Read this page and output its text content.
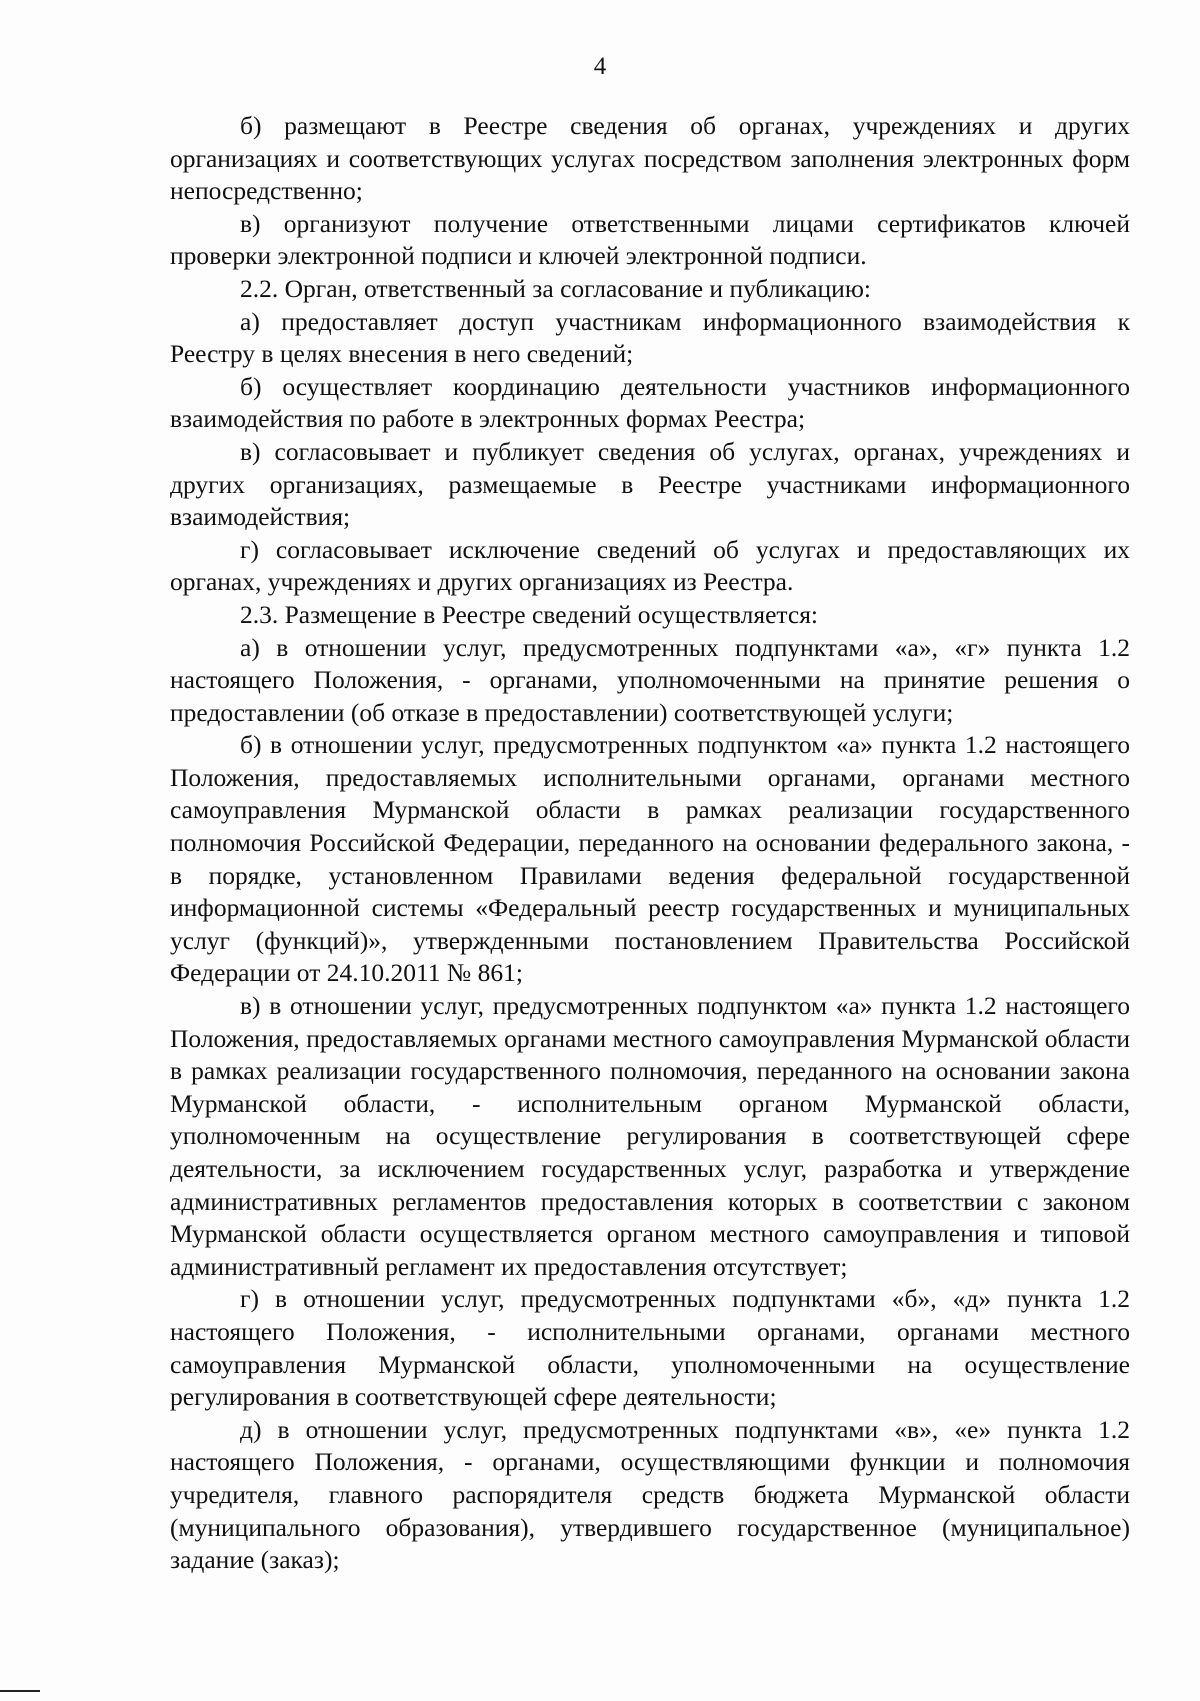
4

б) размещают в Реестре сведения об органах, учреждениях и других организациях и соответствующих услугах посредством заполнения электронных форм непосредственно;

в) организуют получение ответственными лицами сертификатов ключей проверки электронной подписи и ключей электронной подписи.

2.2. Орган, ответственный за согласование и публикацию:

а) предоставляет доступ участникам информационного взаимодействия к Реестру в целях внесения в него сведений;

б) осуществляет координацию деятельности участников информационного взаимодействия по работе в электронных формах Реестра;

в) согласовывает и публикует сведения об услугах, органах, учреждениях и других организациях, размещаемые в Реестре участниками информационного взаимодействия;

г) согласовывает исключение сведений об услугах и предоставляющих их органах, учреждениях и других организациях из Реестра.

2.3. Размещение в Реестре сведений осуществляется:

а) в отношении услуг, предусмотренных подпунктами «а», «г» пункта 1.2 настоящего Положения, - органами, уполномоченными на принятие решения о предоставлении (об отказе в предоставлении) соответствующей услуги;

б) в отношении услуг, предусмотренных подпунктом «а» пункта 1.2 настоящего Положения, предоставляемых исполнительными органами, органами местного самоуправления Мурманской области в рамках реализации государственного полномочия Российской Федерации, переданного на основании федерального закона, - в порядке, установленном Правилами ведения федеральной государственной информационной системы «Федеральный реестр государственных и муниципальных услуг (функций)», утвержденными постановлением Правительства Российской Федерации от 24.10.2011 № 861;

в) в отношении услуг, предусмотренных подпунктом «а» пункта 1.2 настоящего Положения, предоставляемых органами местного самоуправления Мурманской области в рамках реализации государственного полномочия, переданного на основании закона Мурманской области, - исполнительным органом Мурманской области, уполномоченным на осуществление регулирования в соответствующей сфере деятельности, за исключением государственных услуг, разработка и утверждение административных регламентов предоставления которых в соответствии с законом Мурманской области осуществляется органом местного самоуправления и типовой административный регламент их предоставления отсутствует;

г) в отношении услуг, предусмотренных подпунктами «б», «д» пункта 1.2 настоящего Положения, - исполнительными органами, органами местного самоуправления Мурманской области, уполномоченными на осуществление регулирования в соответствующей сфере деятельности;

д) в отношении услуг, предусмотренных подпунктами «в», «е» пункта 1.2 настоящего Положения, - органами, осуществляющими функции и полномочия учредителя, главного распорядителя средств бюджета Мурманской области (муниципального образования), утвердившего государственное (муниципальное) задание (заказ);
